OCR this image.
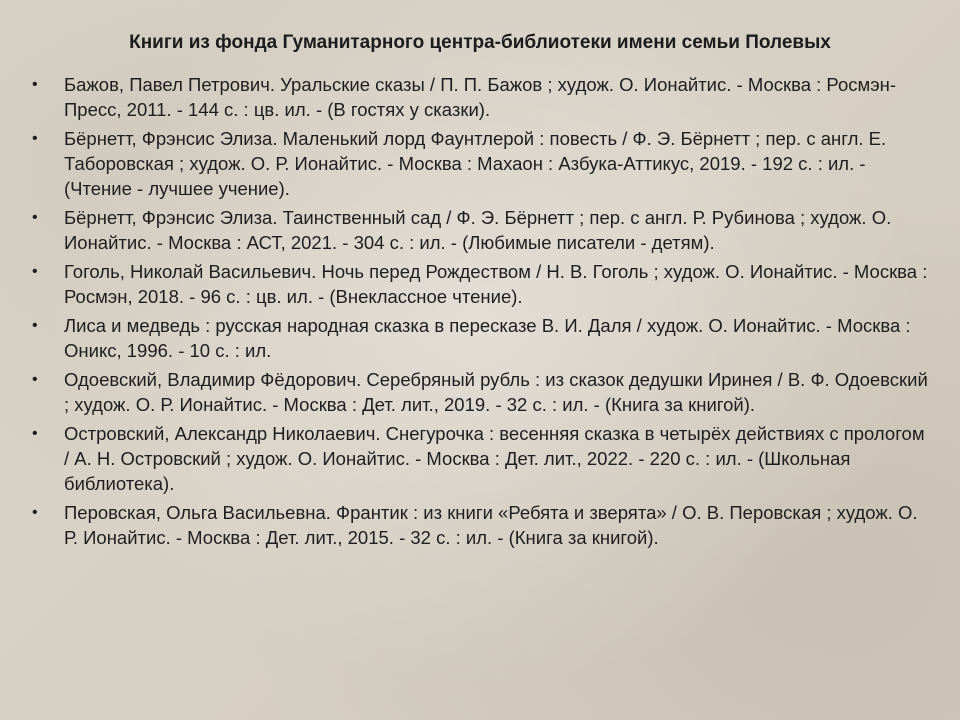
Книги из фонда Гуманитарного центра-библиотеки имени семьи Полевых
• Бажов, Павел Петрович. Уральские сказы / П. П. Бажов ; худож. О. Ионайтис. - Москва : Росмэн-Пресс, 2011. - 144 с. : цв. ил. - (В гостях у сказки).
• Бёрнетт, Фрэнсис Элиза. Маленький лорд Фаунтлерой : повесть / Ф. Э. Бёрнетт ; пер. с англ. Е. Таборовская ; худож. О. Р. Ионайтис. - Москва : Махаон : Азбука-Аттикус, 2019. - 192 с. : ил. - (Чтение - лучшее учение).
• Бёрнетт, Фрэнсис Элиза. Таинственный сад / Ф. Э. Бёрнетт ; пер. с англ. Р. Рубинова ; худож. О. Ионайтис. - Москва : АСТ, 2021. - 304 с. : ил. - (Любимые писатели - детям).
• Гоголь, Николай Васильевич. Ночь перед Рождеством / Н. В. Гоголь ; худож. О. Ионайтис. - Москва : Росмэн, 2018. - 96 с. : цв. ил. - (Внеклассное чтение).
• Лиса и медведь : русская народная сказка в пересказе В. И. Даля / худож. О. Ионайтис. - Москва : Оникс, 1996. - 10 с. : ил.
• Одоевский, Владимир Фёдорович. Серебряный рубль : из сказок дедушки Иринея / В. Ф. Одоевский ; худож. О. Р. Ионайтис. - Москва : Дет. лит., 2019. - 32 с. : ил. - (Книга за книгой).
• Островский, Александр Николаевич. Снегурочка : весенняя сказка в четырёх действиях с прологом / А. Н. Островский ; худож. О. Ионайтис. - Москва : Дет. лит., 2022. - 220 с. : ил. - (Школьная библиотека).
• Перовская, Ольга Васильевна. Франтик : из книги «Ребята и зверята» / О. В. Перовская ; худож. О. Р. Ионайтис. - Москва : Дет. лит., 2015. - 32 с. : ил. - (Книга за книгой).
